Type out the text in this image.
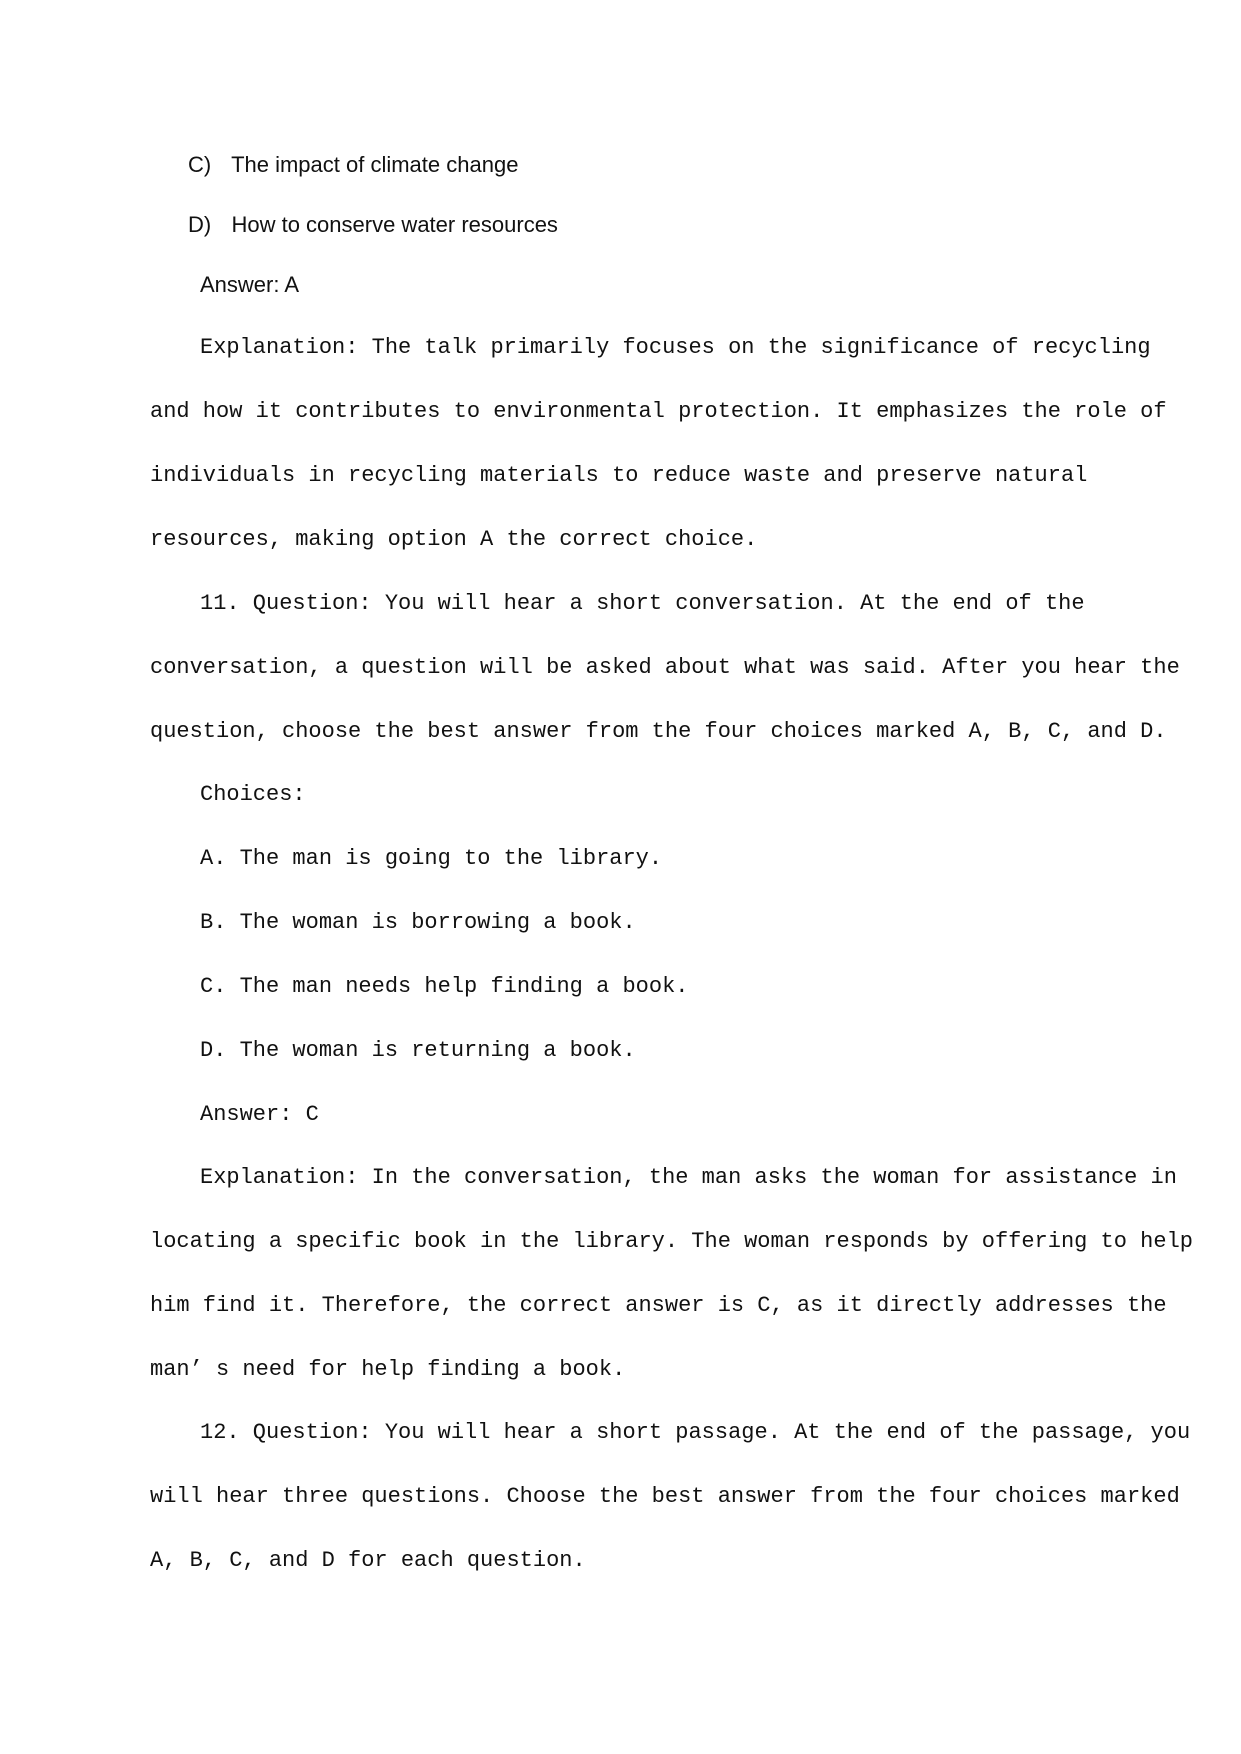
C) The impact of climate change
D) How to conserve water resources
Answer: A
Explanation: The talk primarily focuses on the significance of recycling
and how it contributes to environmental protection. It emphasizes the role of
individuals in recycling materials to reduce waste and preserve natural
resources, making option A the correct choice.
11. Question: You will hear a short conversation. At the end of the
conversation, a question will be asked about what was said. After you hear the
question, choose the best answer from the four choices marked A, B, C, and D.
Choices:
A. The man is going to the library.
B. The woman is borrowing a book.
C. The man needs help finding a book.
D. The woman is returning a book.
Answer: C
Explanation: In the conversation, the man asks the woman for assistance in
locating a specific book in the library. The woman responds by offering to help
him find it. Therefore, the correct answer is C, as it directly addresses the
man’ s need for help finding a book.
12. Question: You will hear a short passage. At the end of the passage, you
will hear three questions. Choose the best answer from the four choices marked
A, B, C, and D for each question.
